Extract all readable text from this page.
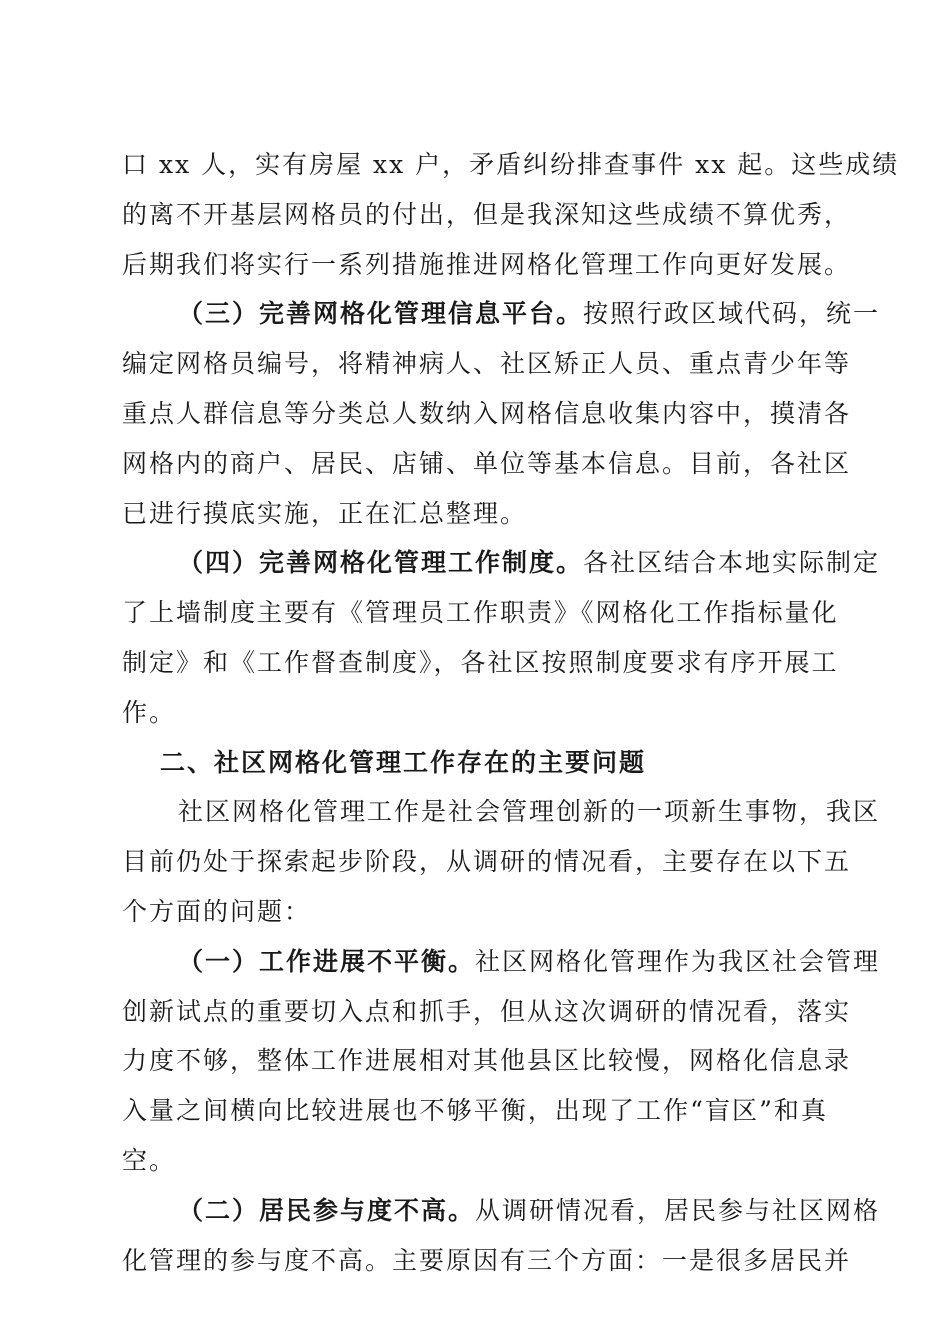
口 xx 人，实有房屋 xx 户，矛盾纠纷排查事件 xx 起。这些成绩
的离不开基层网格员的付出，但是我深知这些成绩不算优秀，
后期我们将实行一系列措施推进网格化管理工作向更好发展。
（三）完善网格化管理信息平台。按照行政区域代码，统一
编定网格员编号，将精神病人、社区矫正人员、重点青少年等
重点人群信息等分类总人数纳入网格信息收集内容中，摸清各
网格内的商户、居民、店铺、单位等基本信息。目前，各社区
已进行摸底实施，正在汇总整理。
（四）完善网格化管理工作制度。各社区结合本地实际制定
了上墙制度主要有《管理员工作职责》《网格化工作指标量化
制定》和《工作督查制度》，各社区按照制度要求有序开展工
作。
二、社区网格化管理工作存在的主要问题
社区网格化管理工作是社会管理创新的一项新生事物，我区
目前仍处于探索起步阶段，从调研的情况看，主要存在以下五
个方面的问题：
（一）工作进展不平衡。社区网格化管理作为我区社会管理
创新试点的重要切入点和抓手，但从这次调研的情况看，落实
力度不够，整体工作进展相对其他县区比较慢，网格化信息录
入量之间横向比较进展也不够平衡，出现了工作“盲区”和真
空。
（二）居民参与度不高。从调研情况看，居民参与社区网格
化管理的参与度不高。主要原因有三个方面：一是很多居民并
